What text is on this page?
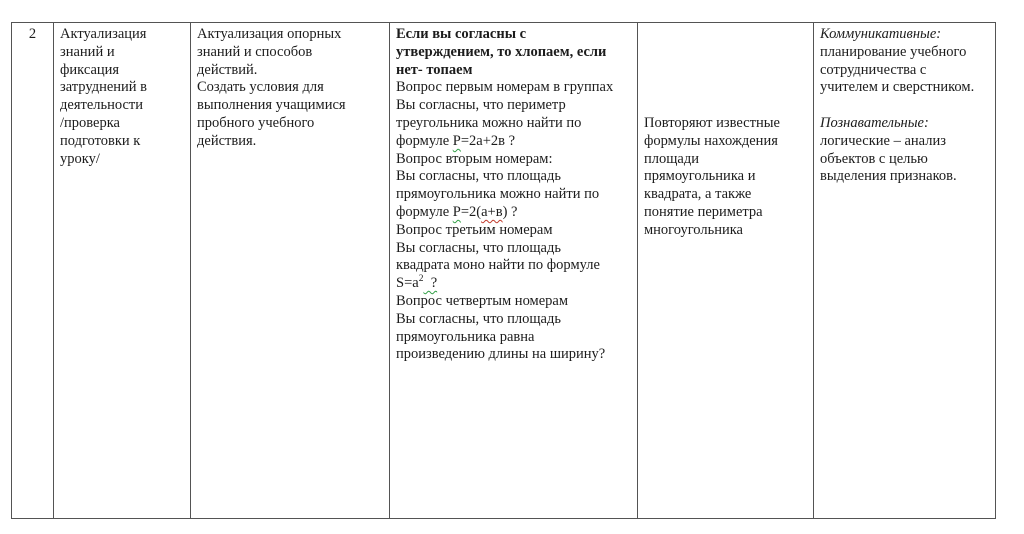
2	Актуализация
знаний и
фиксация
затруднений в
деятельности
/проверка
подготовки к
уроку/
Актуализация опорных
знаний и способов
действий.
Создать условия для
выполнения учащимися
пробного учебного
действия.
Если вы согласны с
утверждением, то хлопаем, если
нет- топаем
Вопрос первым номерам в группах
Вы согласны, что периметр
треугольника можно найти по
формуле Р=2а+2в ?
Вопрос вторым номерам:
Вы согласны, что площадь
прямоугольника можно найти по
формуле Р=2(а+в) ?
Вопрос третьим номерам
Вы согласны, что площадь
квадрата моно найти по формуле
$S=а^2$  ?
Вопрос четвертым номерам
Вы согласны, что площадь
прямоугольника равна
произведению длины на ширину?
Повторяют известные
формулы нахождения
площади
прямоугольника и
квадрата, а также
понятие периметра
многоугольника
Коммуникативные:
планирование учебного
сотрудничества с
учителем и сверстником.

Познавательные:
логические – анализ
объектов с целью
выделения признаков.
